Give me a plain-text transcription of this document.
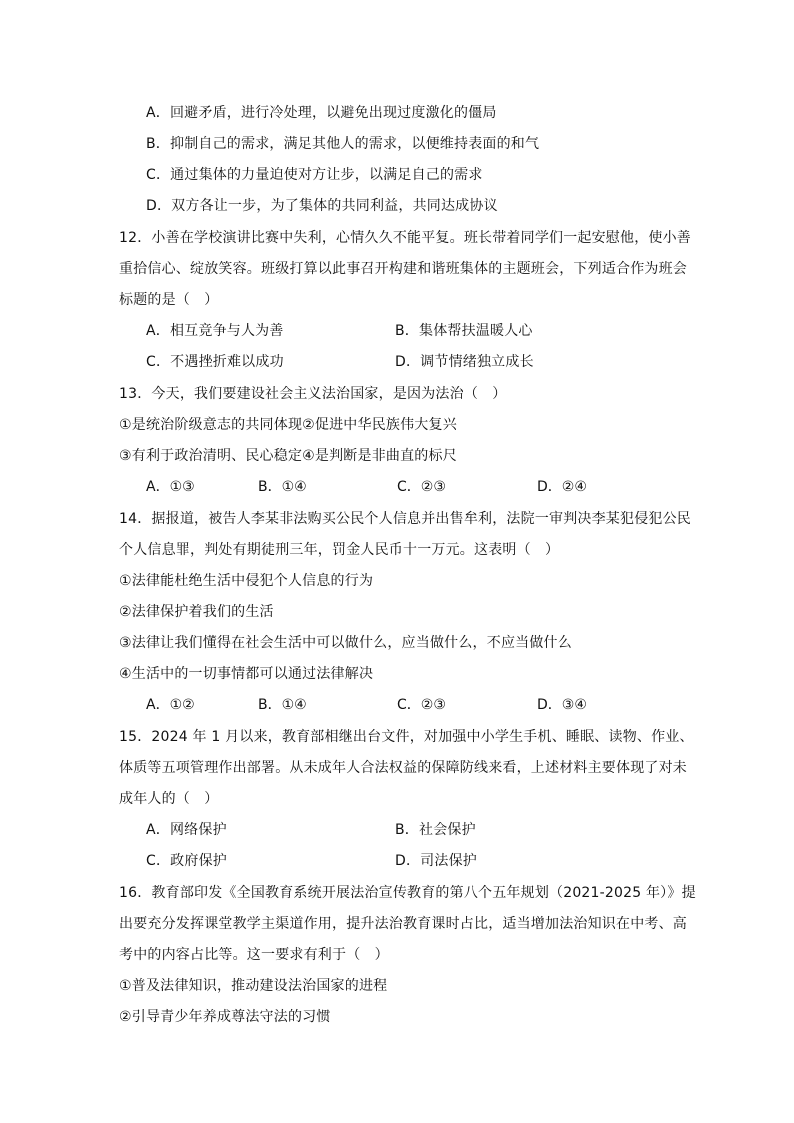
A．回避矛盾，进行冷处理，以避免出现过度激化的僵局
B．抑制自己的需求，满足其他人的需求，以便维持表面的和气
C．通过集体的力量迫使对方让步，以满足自己的需求
D．双方各让一步，为了集体的共同利益，共同达成协议
12．小善在学校演讲比赛中失利，心情久久不能平复。班长带着同学们一起安慰他，使小善
重拾信心、绽放笑容。班级打算以此事召开构建和谐班集体的主题班会，下列适合作为班会
标题的是（　）
A．相互竞争与人为善	B．集体帮扶温暖人心
C．不遇挫折难以成功	D．调节情绪独立成长
13．今天，我们要建设社会主义法治国家，是因为法治（　）
①是统治阶级意志的共同体现②促进中华民族伟大复兴
③有利于政治清明、民心稳定④是判断是非曲直的标尺
A．①③	B．①④	C．②③	D．②④
14．据报道，被告人李某非法购买公民个人信息并出售牟利，法院一审判决李某犯侵犯公民
个人信息罪，判处有期徒刑三年，罚金人民币十一万元。这表明（　）
①法律能杜绝生活中侵犯个人信息的行为
②法律保护着我们的生活
③法律让我们懂得在社会生活中可以做什么，应当做什么，不应当做什么
④生活中的一切事情都可以通过法律解决
A．①②	B．①④	C．②③	D．③④
15．2024 年 1 月以来，教育部相继出台文件，对加强中小学生手机、睡眠、读物、作业、
体质等五项管理作出部署。从未成年人合法权益的保障防线来看，上述材料主要体现了对未
成年人的（　）
A．网络保护	B．社会保护
C．政府保护	D．司法保护
16．教育部印发《全国教育系统开展法治宣传教育的第八个五年规划（2021-2025 年）》提
出要充分发挥课堂教学主渠道作用，提升法治教育课时占比，适当增加法治知识在中考、高
考中的内容占比等。这一要求有利于（　）
①普及法律知识，推动建设法治国家的进程
②引导青少年养成尊法守法的习惯
